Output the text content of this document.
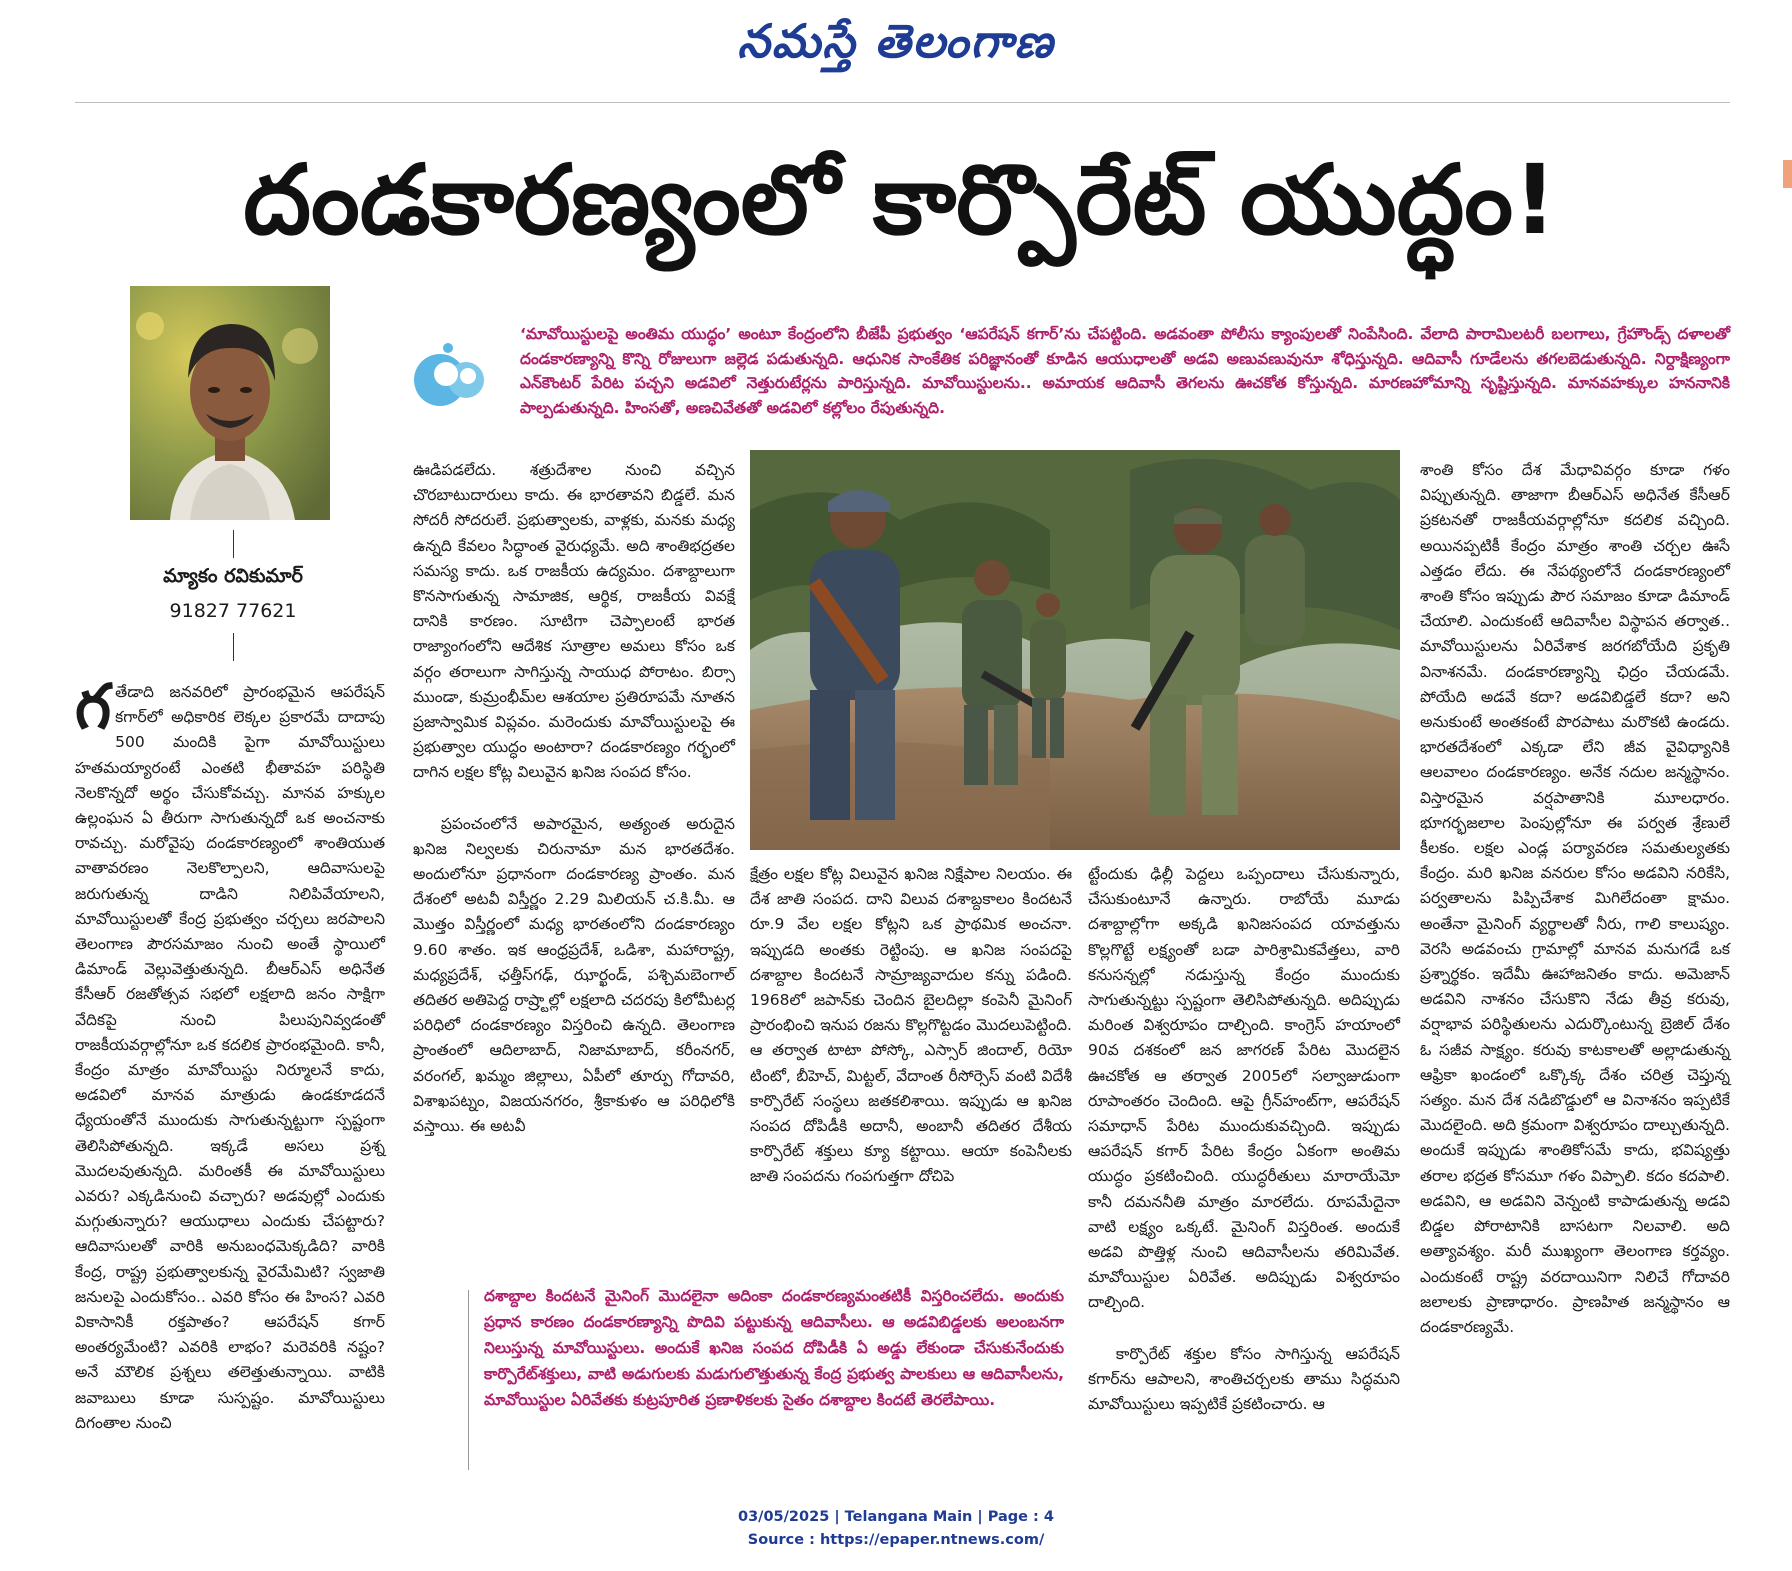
నమస్తే తెలంగాణ
దండకారణ్యంలో కార్పొరేట్ యుద్ధం!
మ్యాకం రవికుమార్
91827 77621
‘మావోయిస్టులపై అంతిమ యుద్ధం’ అంటూ కేంద్రంలోని బీజేపీ ప్రభుత్వం ‘ఆపరేషన్ కగార్’ను చేపట్టింది. అడవంతా పోలీసు క్యాంపులతో నింపేసింది. వేలాది పారామిలటరీ బలగాలు, గ్రేహౌండ్స్ దళాలతో దండకారణ్యాన్ని కొన్ని రోజులుగా జల్లెడ పడుతున్నది. ఆధునిక సాంకేతిక పరిజ్ఞానంతో కూడిన ఆయుధాలతో అడవి అణువణువునూ శోధిస్తున్నది. ఆదివాసీ గూడేలను తగలబెడుతున్నది. నిర్దాక్షిణ్యంగా ఎన్‌కౌంటర్ పేరిట పచ్చని అడవిలో నెత్తురుటేర్లను పారిస్తున్నది. మావోయిస్టులను.. అమాయక ఆదివాసీ తెగలను ఊచకోత కోస్తున్నది. మారణహోమాన్ని సృష్టిస్తున్నది. మానవహక్కుల హననానికి పాల్పడుతున్నది. హింసతో, అణచివేతతో అడవిలో కల్లోలం రేపుతున్నది.

గతేడాది జనవరిలో ప్రారంభమైన ఆపరేషన్ కగార్‌లో అధికారిక లెక్కల ప్రకారమే దాదాపు 500 మందికి పైగా మావోయిస్టులు హతమయ్యారంటే ఎంతటి భీతావహ పరిస్థితి నెలకొన్నదో అర్థం చేసుకోవచ్చు. మానవ హక్కుల ఉల్లంఘన ఏ తీరుగా సాగుతున్నదో ఒక అంచనాకు రావచ్చు. మరోవైపు దండకారణ్యంలో శాంతియుత వాతావరణం నెలకొల్పాలని, ఆదివాసులపై జరుగుతున్న దాడిని నిలిపివేయాలని, మావోయిస్టులతో కేంద్ర ప్రభుత్వం చర్చలు జరపాలని తెలంగాణ పౌరసమాజం నుంచి అంతే స్థాయిలో డిమాండ్ వెల్లువెత్తుతున్నది. బీఆర్‌ఎస్ అధినేత కేసీఆర్ రజతోత్సవ సభలో లక్షలాది జనం సాక్షిగా వేదికపై నుంచి పిలుపునివ్వడంతో రాజకీయవర్గాల్లోనూ ఒక కదలిక ప్రారంభమైంది. కానీ, కేంద్రం మాత్రం మావోయిస్టు నిర్మూలనే కాదు, అడవిలో మానవ మాత్రుడు ఉండకూడదనే ధ్యేయంతోనే ముందుకు సాగుతున్నట్టుగా స్పష్టంగా తెలిసిపోతున్నది. ఇక్కడే అసలు ప్రశ్న మొదలవుతున్నది. మరింతకీ ఈ మావోయిస్టులు ఎవరు? ఎక్కడినుంచి వచ్చారు? అడవుల్లో ఎందుకు మగ్గుతున్నారు? ఆయుధాలు ఎందుకు చేపట్టారు? ఆదివాసులతో వారికి అనుబంధమెక్కడిది? వారికి కేంద్ర, రాష్ట్ర ప్రభుత్వాలకున్న వైరమేమిటి? స్వజాతి జనులపై ఎందుకోసం.. ఎవరి కోసం ఈ హింస? ఎవరి వికాసానికీ రక్తపాతం? ఆపరేషన్ కగార్ అంతర్యమేంటి? ఎవరికి లాభం? మరెవరికి నష్టం? అనే మౌలిక ప్రశ్నలు తలెత్తుతున్నాయి. వాటికి జవాబులు కూడా సుస్పష్టం. మావోయిస్టులు దిగంతాల నుంచి

ఊడిపడలేదు. శత్రుదేశాల నుంచి వచ్చిన చొరబాటుదారులు కాదు. ఈ భారతావని బిడ్డలే. మన సోదరీ సోదరులే. ప్రభుత్వాలకు, వాళ్లకు, మనకు మధ్య ఉన్నది కేవలం సిద్ధాంత వైరుధ్యమే. అది శాంతిభద్రతల సమస్య కాదు. ఒక రాజకీయ ఉద్యమం. దశాబ్దాలుగా కొనసాగుతున్న సామాజిక, ఆర్థిక, రాజకీయ వివక్షే దానికి కారణం. సూటిగా చెప్పాలంటే భారత రాజ్యాంగంలోని ఆదేశిక సూత్రాల అమలు కోసం ఒక వర్గం తరాలుగా సాగిస్తున్న సాయుధ పోరాటం. బిర్సా ముండా, కుమ్రంభీమ్‌ల ఆశయాల ప్రతిరూపమే నూతన ప్రజాస్వామిక విప్లవం. మరెందుకు మావోయిస్టులపై ఈ ప్రభుత్వాల యుద్ధం అంటారా? దండకారణ్యం గర్భంలో దాగిన లక్షల కోట్ల విలువైన ఖనిజ సంపద కోసం.

ప్రపంచంలోనే అపారమైన, అత్యంత అరుదైన ఖనిజ నిల్వలకు చిరునామా మన భారతదేశం. అందులోనూ ప్రధానంగా దండకారణ్య ప్రాంతం. మన దేశంలో అటవీ విస్తీర్ణం 2.29 మిలియన్ చ.కి.మీ. ఆ మొత్తం విస్తీర్ణంలో మధ్య భారతంలోని దండకారణ్యం 9.60 శాతం. ఇక ఆంధ్రప్రదేశ్, ఒడిశా, మహారాష్ట్ర, మధ్యప్రదేశ్, ఛత్తీస్‌గఢ్, ఝార్ఖండ్, పశ్చిమబెంగాల్ తదితర అతిపెద్ద రాష్ర్టాల్లో లక్షలాది చదరపు కిలోమీటర్ల పరిధిలో దండకారణ్యం విస్తరించి ఉన్నది. తెలంగాణ ప్రాంతంలో ఆదిలాబాద్, నిజామాబాద్, కరీంనగర్, వరంగల్, ఖమ్మం జిల్లాలు, ఏపీలో తూర్పు గోదావరి, విశాఖపట్నం, విజయనగరం, శ్రీకాకుళం ఆ పరిధిలోకి వస్తాయి. ఈ అటవీ

క్షేత్రం లక్షల కోట్ల విలువైన ఖనిజ నిక్షేపాల నిలయం. ఈ దేశ జాతి సంపద. దాని విలువ దశాబ్దకాలం కిందటనే రూ.9 వేల లక్షల కోట్లని ఒక ప్రాథమిక అంచనా. ఇప్పుడది అంతకు రెట్టింపు. ఆ ఖనిజ సంపదపై దశాబ్దాల కిందటనే సామ్రాజ్యవాదుల కన్ను పడింది. 1968లో జపాన్‌కు చెందిన బైలదిల్లా కంపెనీ మైనింగ్ ప్రారంభించి ఇనుప రజను కొల్లగొట్టడం మొదలుపెట్టింది. ఆ తర్వాత టాటా పోస్కో, ఎస్సార్ జిందాల్, రియో టింటో, బీహెచ్, మిట్టల్, వేదాంత రీసోర్సెస్ వంటి విదేశీ కార్పొరేట్ సంస్థలు జతకలిశాయి. ఇప్పుడు ఆ ఖనిజ సంపద దోపిడీకి అదానీ, అంబానీ తదితర దేశీయ కార్పొరేట్ శక్తులు క్యూ కట్టాయి. ఆయా కంపెనీలకు జాతి సంపదను గంపగుత్తగా దోచిపె

ట్టేందుకు ఢిల్లీ పెద్దలు ఒప్పందాలు చేసుకున్నారు, చేసుకుంటూనే ఉన్నారు. రాబోయే మూడు దశాబ్దాల్లోగా అక్కడి ఖనిజసంపద యావత్తును కొల్లగొట్టే లక్ష్యంతో బడా పారిశ్రామికవేత్తలు, వారి కనుసన్నల్లో నడుస్తున్న కేంద్రం ముందుకు సాగుతున్నట్టు స్పష్టంగా తెలిసిపోతున్నది. అదిప్పుడు మరింత విశ్వరూపం దాల్చింది. కాంగ్రెస్ హయాంలో 90వ దశకంలో జన జాగరణ్ పేరిట మొదలైన ఊచకోత ఆ తర్వాత 2005లో సల్వాజుడుంగా రూపాంతరం చెందింది. ఆపై గ్రీన్‌హంట్‌గా, ఆపరేషన్ సమాధాన్ పేరిట ముందుకువచ్చింది. ఇప్పుడు ఆపరేషన్ కగార్ పేరిట కేంద్రం ఏకంగా అంతిమ యుద్ధం ప్రకటించింది. యుద్ధరీతులు మారాయేమో కానీ దమననీతి మాత్రం మారలేదు. రూపమేదైనా వాటి లక్ష్యం ఒక్కటే. మైనింగ్ విస్తరింత. అందుకే అడవి పొత్తిళ్ల నుంచి ఆదివాసీలను తరిమివేత. మావోయిస్టుల ఏరివేత. అదిప్పుడు విశ్వరూపం దాల్చింది.

కార్పొరేట్ శక్తుల కోసం సాగిస్తున్న ఆపరేషన్ కగార్‌ను ఆపాలని, శాంతిచర్చలకు తాము సిద్ధమని మావోయిస్టులు ఇప్పటికే ప్రకటించారు. ఆ

శాంతి కోసం దేశ మేధావివర్గం కూడా గళం విప్పుతున్నది. తాజాగా బీఆర్‌ఎస్ అధినేత కేసీఆర్ ప్రకటనతో రాజకీయవర్గాల్లోనూ కదలిక వచ్చింది. అయినప్పటికీ కేంద్రం మాత్రం శాంతి చర్చల ఊసే ఎత్తడం లేదు. ఈ నేపథ్యంలోనే దండకారణ్యంలో శాంతి కోసం ఇప్పుడు పౌర సమాజం కూడా డిమాండ్ చేయాలి. ఎందుకంటే ఆదివాసీల విస్థాపన తర్వాత.. మావోయిస్టులను ఏరివేశాక జరగబోయేది ప్రకృతి వినాశనమే. దండకారణ్యాన్ని ఛిద్రం చేయడమే. పోయేది అడవే కదా? అడవిబిడ్డలే కదా? అని అనుకుంటే అంతకంటే పొరపాటు మరొకటి ఉండదు. భారతదేశంలో ఎక్కడా లేని జీవ వైవిధ్యానికి ఆలవాలం దండకారణ్యం. అనేక నదుల జన్మస్థానం. విస్తారమైన వర్షపాతానికి మూలధారం. భూగర్భజలాల పెంపుల్లోనూ ఈ పర్వత శ్రేణులే కీలకం. లక్షల ఎండ్ల పర్యావరణ సమతుల్యతకు కేంద్రం. మరి ఖనిజ వనరుల కోసం అడవిని నరికేసి, పర్వతాలను పిప్పిచేశాక మిగిలేదంతా క్షామం. అంతేనా మైనింగ్ వ్యర్థాలతో నీరు, గాలి కాలుష్యం. వెరసి అడవంచు గ్రామాల్లో మానవ మనుగడే ఒక ప్రశ్నార్థకం. ఇదేమీ ఊహాజనితం కాదు. అమెజాన్ అడవిని నాశనం చేసుకొని నేడు తీవ్ర కరువు, వర్షాభావ పరిస్థితులను ఎదుర్కొంటున్న బ్రెజిల్ దేశం ఓ సజీవ సాక్ష్యం. కరువు కాటకాలతో అల్లాడుతున్న ఆఫ్రికా ఖండంలో ఒక్కొక్క దేశం చరిత్ర చెప్తున్న సత్యం. మన దేశ నడిబొడ్డులో ఆ వినాశనం ఇప్పటికే మొదలైంది. అది క్రమంగా విశ్వరూపం దాల్చుతున్నది. అందుకే ఇప్పుడు శాంతికోసమే కాదు, భవిష్యత్తు తరాల భద్రత కోసమూ గళం విప్పాలి. కదం కదపాలి. అడవిని, ఆ అడవిని వెన్నంటి కాపాడుతున్న అడవి బిడ్డల పోరాటానికి బాసటగా నిలవాలి. అది అత్యావశ్యం. మరీ ముఖ్యంగా తెలంగాణ కర్తవ్యం. ఎందుకంటే రాష్ట్ర వరదాయినిగా నిలిచే గోదావరి జలాలకు ప్రాణాధారం. ప్రాణహిత జన్మస్థానం ఆ దండకారణ్యమే.

దశాబ్దాల కిందటనే మైనింగ్ మొదలైనా అదింకా దండకారణ్యమంతటికీ విస్తరించలేదు. అందుకు ప్రధాన కారణం దండకారణ్యాన్ని పొదివి పట్టుకున్న ఆదివాసీలు. ఆ అడవిబిడ్డలకు అలంబనగా నిలుస్తున్న మావోయిస్టులు. అందుకే ఖనిజ సంపద దోపిడీకి ఏ అడ్డు లేకుండా చేసుకునేందుకు కార్పొరేట్‌శక్తులు, వాటి అడుగులకు మడుగులొత్తుతున్న కేంద్ర ప్రభుత్వ పాలకులు ఆ ఆదివాసీలను, మావోయిస్టుల ఏరివేతకు కుట్రపూరిత ప్రణాళికలకు సైతం దశాబ్దాల కిందటే తెరలేపాయి.
03/05/2025 | Telangana Main | Page : 4
Source : https://epaper.ntnews.com/
